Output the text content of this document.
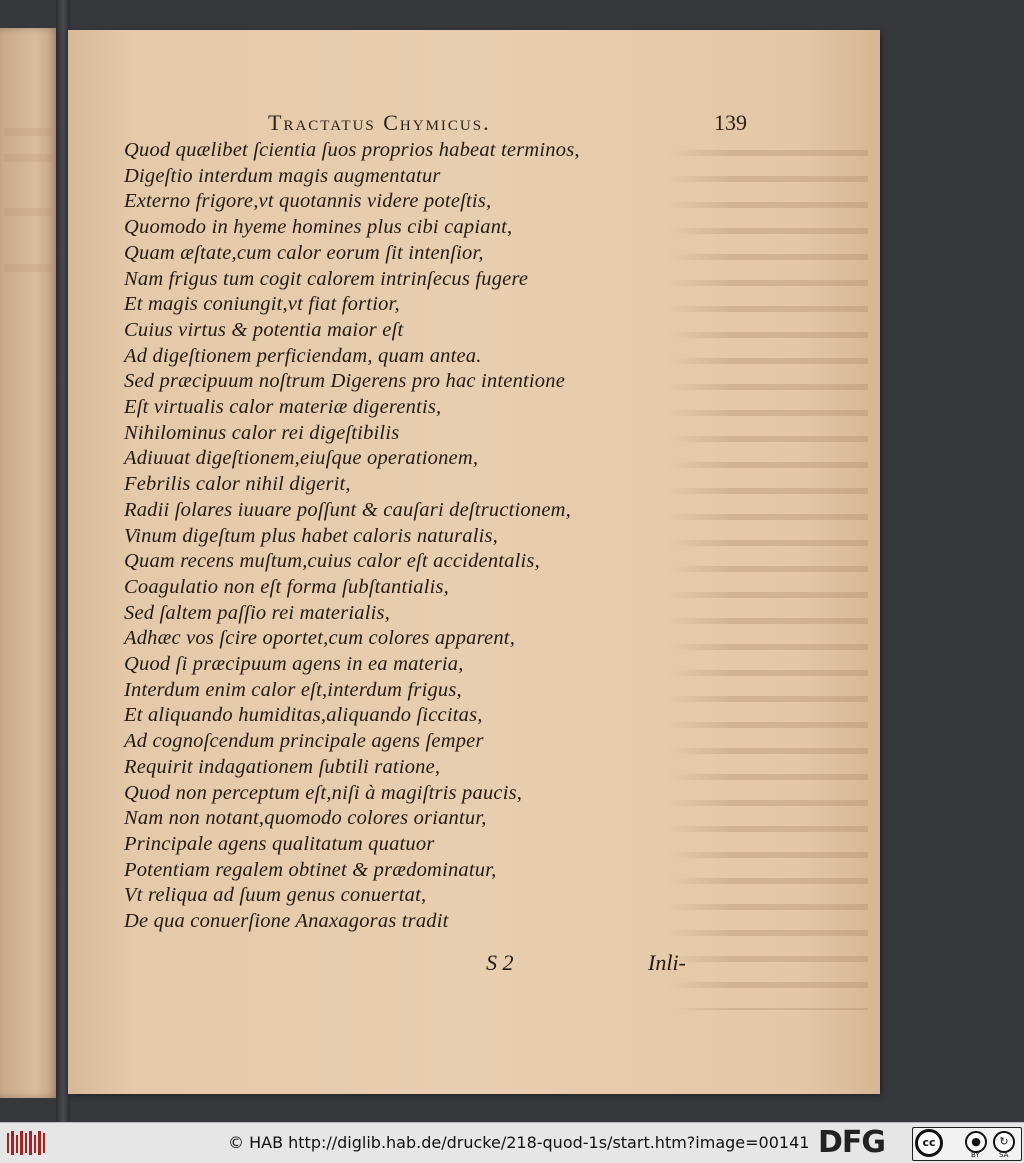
Tractatus Chymicus.	139
Quod quælibet ſcientia ſuos proprios habeat terminos,
Digeſtio interdum magis augmentatur
Externo frigore,vt quotannis videre poteſtis,
Quomodo in hyeme homines plus cibi capiant,
Quam æſtate,cum calor eorum ſit intenſior,
Nam frigus tum cogit calorem intrinſecus fugere
Et magis coniungit,vt fiat fortior,
Cuius virtus & potentia maior eſt
Ad digeſtionem perficiendam, quam antea.
Sed præcipuum noſtrum Digerens pro hac intentione
Eſt virtualis calor materiæ digerentis,
Nihilominus calor rei digeſtibilis
Adiuuat digeſtionem,eiuſque operationem,
Febrilis calor nihil digerit,
Radii ſolares iuuare poſſunt & cauſari deſtructionem,
Vinum digeſtum plus habet caloris naturalis,
Quam recens muſtum,cuius calor eſt accidentalis,
Coagulatio non eſt forma ſubſtantialis,
Sed ſaltem paſſio rei materialis,
Adhæc vos ſcire oportet,cum colores apparent,
Quod ſi præcipuum agens in ea materia,
Interdum enim calor eſt,interdum frigus,
Et aliquando humiditas,aliquando ſiccitas,
Ad cognoſcendum principale agens ſemper
Requirit indagationem ſubtili ratione,
Quod non perceptum eſt,niſi à magiſtris paucis,
Nam non notant,quomodo colores oriantur,
Principale agens qualitatum quatuor
Potentiam regalem obtinet & prædominatur,
Vt reliqua ad ſuum genus conuertat,
De qua conuerſione Anaxagoras tradit
S 2	Inli-
© HAB http://diglib.hab.de/drucke/218-quod-1s/start.htm?image=00141 DFG	cc	●	↻
BY	SA
